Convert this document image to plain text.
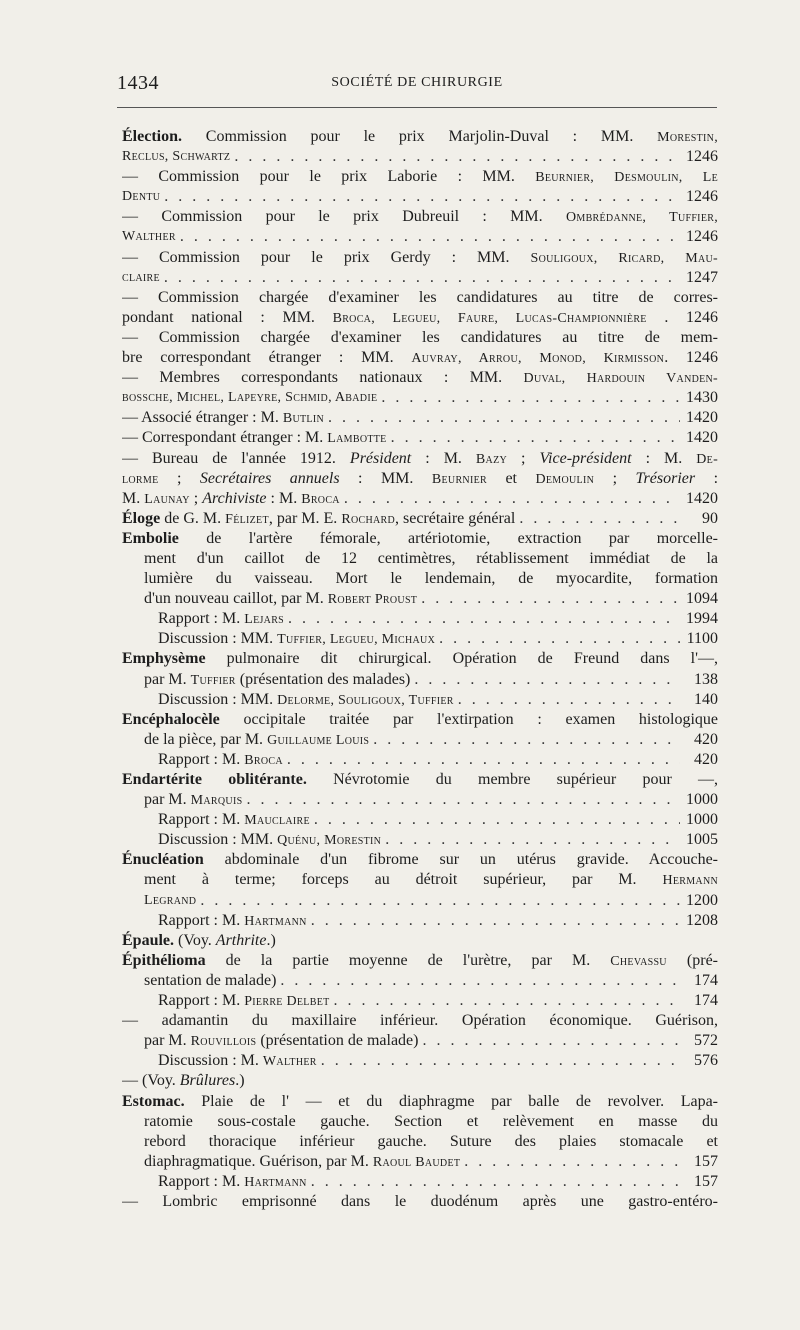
1434	SOCIÉTÉ DE CHIRURGIE
Élection. Commission pour le prix Marjolin-Duval : MM. Morestin,
Reclus, Schwartz . . .	1246
— Commission pour le prix Laborie : MM. Beurnier, Desmoulin, Le
Dentu . . .	1246
— Commission pour le prix Dubreuil : MM. Ombrédanne, Tuffier,
Walther . . .	1246
— Commission pour le prix Gerdy : MM. Souligoux, Ricard, Mau-
claire . . .	1247
— Commission chargée d'examiner les candidatures au titre de corres-
pondant national : MM. Broca, Legueu, Faure, Lucas-Championnière . 1246
— Commission chargée d'examiner les candidatures au titre de mem-
bre correspondant étranger : MM. Auvray, Arrou, Monod, Kirmisson. 1246
— Membres correspondants nationaux : MM. Duval, Hardouin Vanden-
bossche, Michel, Lapeyre, Schmid, Abadie . . .	1430
— Associé étranger : M. Butlin . . .	1420
— Correspondant étranger : M. Lambotte . . .	1420
— Bureau de l'année 1912. Président : M. Bazy ; Vice-président : M. De-
lorme ; Secrétaires annuels : MM. Beurnier et Demoulin ; Trésorier :
M. Launay ; Archiviste : M. Broca . . .	1420
Éloge de G. M. Félizet, par M. E. Rochard, secrétaire général . . .	90
Embolie de l'artère fémorale, artériotomie, extraction par morcelle-
ment d'un caillot de 12 centimètres, rétablissement immédiat de la
lumière du vaisseau. Mort le lendemain, de myocardite, formation
d'un nouveau caillot, par M. Robert Proust . . .	1094
Rapport : M. Lejars . . .	1994
Discussion : MM. Tuffier, Legueu, Michaux . . .	1100
Emphysème pulmonaire dit chirurgical. Opération de Freund dans l'—,
par M. Tuffier (présentation des malades) . . .	138
Discussion : MM. Delorme, Souligoux, Tuffier . . .	140
Encéphalocèle occipitale traitée par l'extirpation : examen histologique
de la pièce, par M. Guillaume Louis . . .	420
Rapport : M. Broca . . .	420
Endartérite oblitérante. Névrotomie du membre supérieur pour —,
par M. Marquis . . .	1000
Rapport : M. Mauclaire . . .	1000
Discussion : MM. Quénu, Morestin . . .	1005
Énucléation abdominale d'un fibrome sur un utérus gravide. Accouche-
ment à terme; forceps au détroit supérieur, par M. Hermann
Legrand . . .	1200
Rapport : M. Hartmann . . .	1208
Épaule. (Voy. Arthrite.)
Épithélioma de la partie moyenne de l'urètre, par M. Chevassu (pré-
sentation de malade) . . .	174
Rapport : M. Pierre Delbet . . .	174
— adamantin du maxillaire inférieur. Opération économique. Guérison,
par M. Rouvillois (présentation de malade) . . .	572
Discussion : M. Walther . . .	576
— (Voy. Brûlures.)
Estomac. Plaie de l' — et du diaphragme par balle de revolver. Lapa-
ratomie sous-costale gauche. Section et relèvement en masse du
rebord thoracique inférieur gauche. Suture des plaies stomacale et
diaphragmatique. Guérison, par M. Raoul Baudet . . .	157
Rapport : M. Hartmann . . .	157
— Lombric emprisonné dans le duodénum après une gastro-entéro-
